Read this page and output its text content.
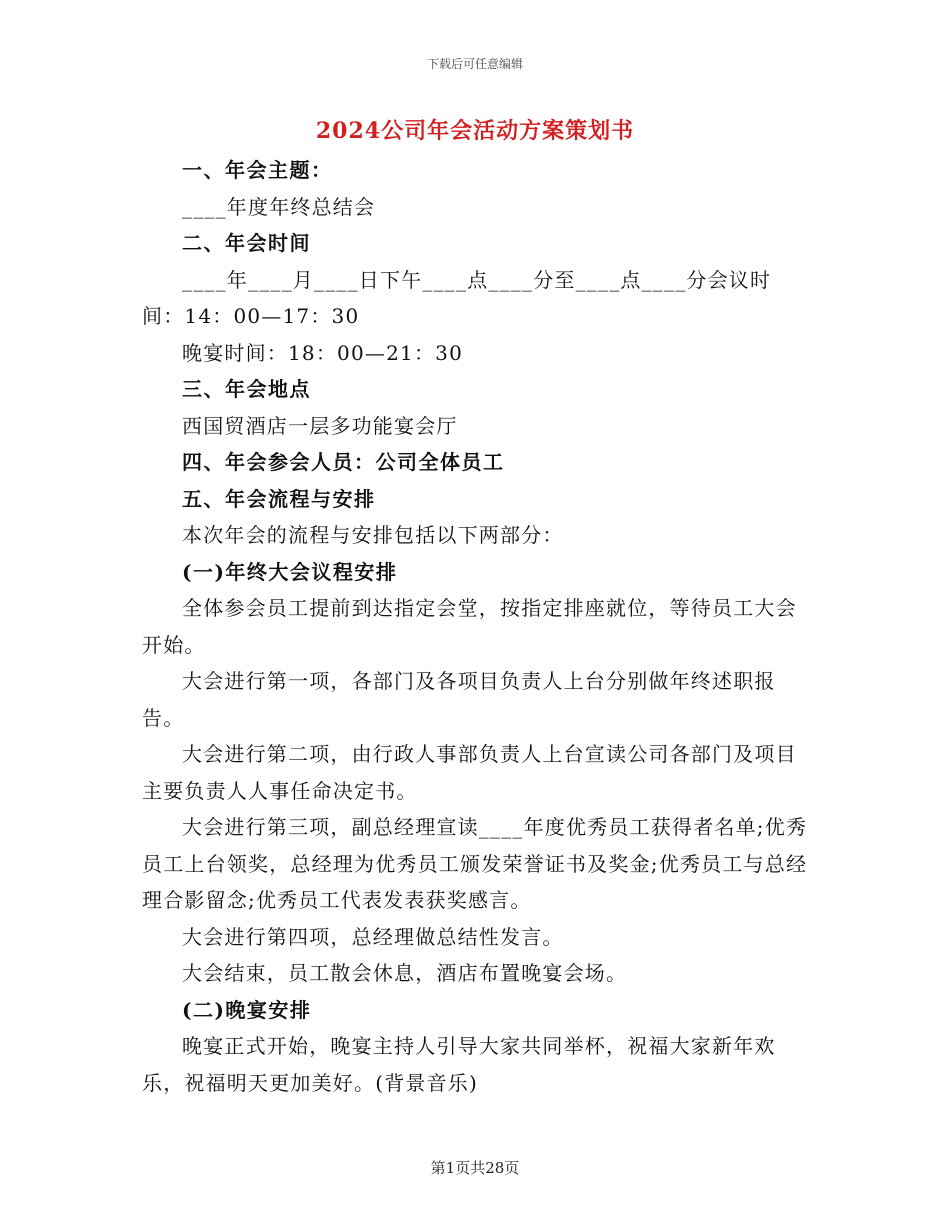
下载后可任意编辑
2024公司年会活动方案策划书

一、年会主题：

____年度年终总结会

二、年会时间

____年____月____日下午____点____分至____点____分会议时间：14：00—17：30

晚宴时间：18：00—21：30

三、年会地点

西国贸酒店一层多功能宴会厅

四、年会参会人员：公司全体员工

五、年会流程与安排

本次年会的流程与安排包括以下两部分：

(一)年终大会议程安排

全体参会员工提前到达指定会堂，按指定排座就位，等待员工大会开始。

大会进行第一项，各部门及各项目负责人上台分别做年终述职报告。

大会进行第二项，由行政人事部负责人上台宣读公司各部门及项目主要负责人人事任命决定书。

大会进行第三项，副总经理宣读____年度优秀员工获得者名单;优秀员工上台领奖，总经理为优秀员工颁发荣誉证书及奖金;优秀员工与总经理合影留念;优秀员工代表发表获奖感言。

大会进行第四项，总经理做总结性发言。

大会结束，员工散会休息，酒店布置晚宴会场。

(二)晚宴安排

晚宴正式开始，晚宴主持人引导大家共同举杯，祝福大家新年欢乐，祝福明天更加美好。(背景音乐)

第1页共28页
